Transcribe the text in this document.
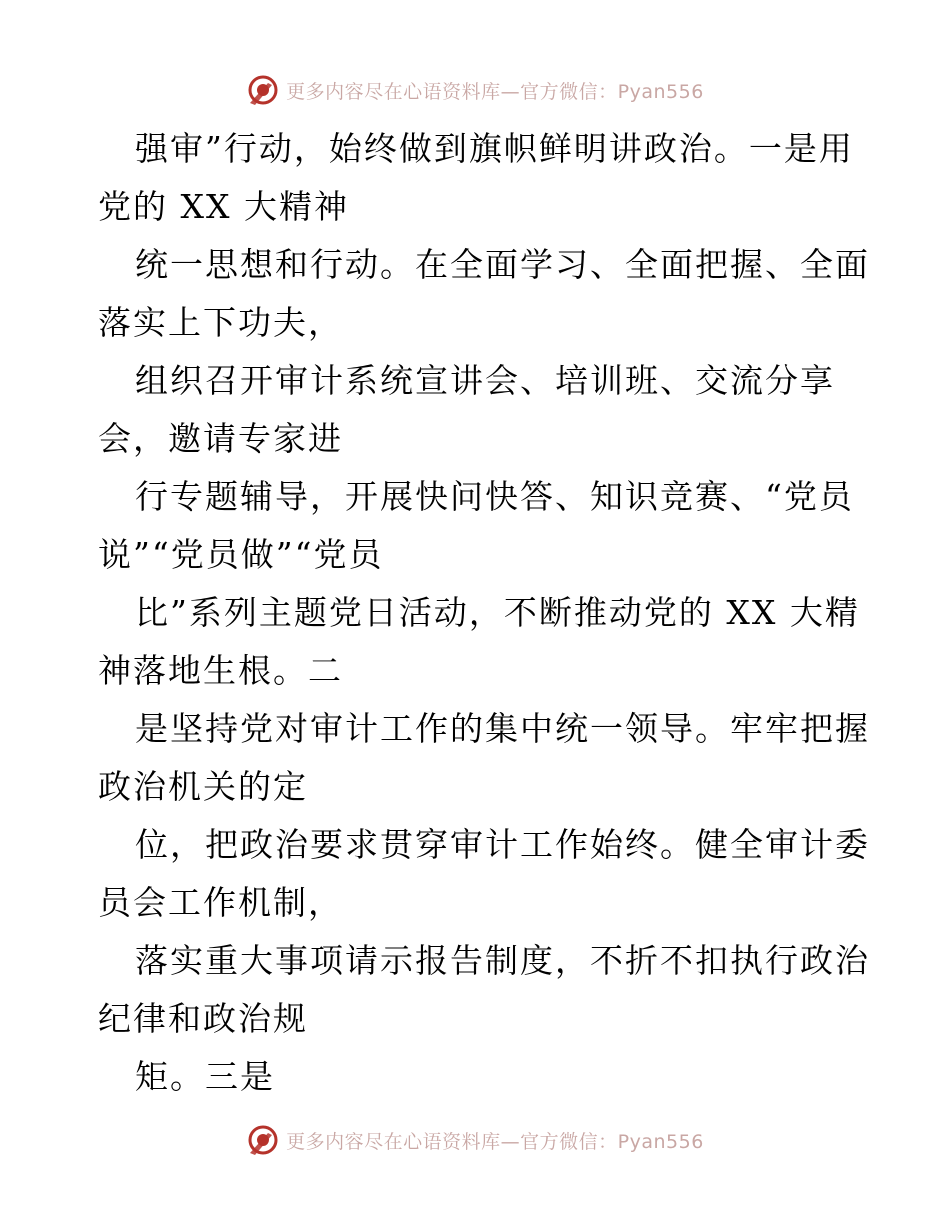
更多内容尽在心语资料库—官方微信：Pyan556
强审”行动，始终做到旗帜鲜明讲政治。一是用
党的 XX 大精神
统一思想和行动。在全面学习、全面把握、全面
落实上下功夫，
组织召开审计系统宣讲会、培训班、交流分享
会，邀请专家进
行专题辅导，开展快问快答、知识竞赛、“党员
说”“党员做”“党员
比”系列主题党日活动，不断推动党的 XX 大精
神落地生根。二
是坚持党对审计工作的集中统一领导。牢牢把握
政治机关的定
位，把政治要求贯穿审计工作始终。健全审计委
员会工作机制，
落实重大事项请示报告制度，不折不扣执行政治
纪律和政治规
矩。三是
更多内容尽在心语资料库—官方微信：Pyan556
